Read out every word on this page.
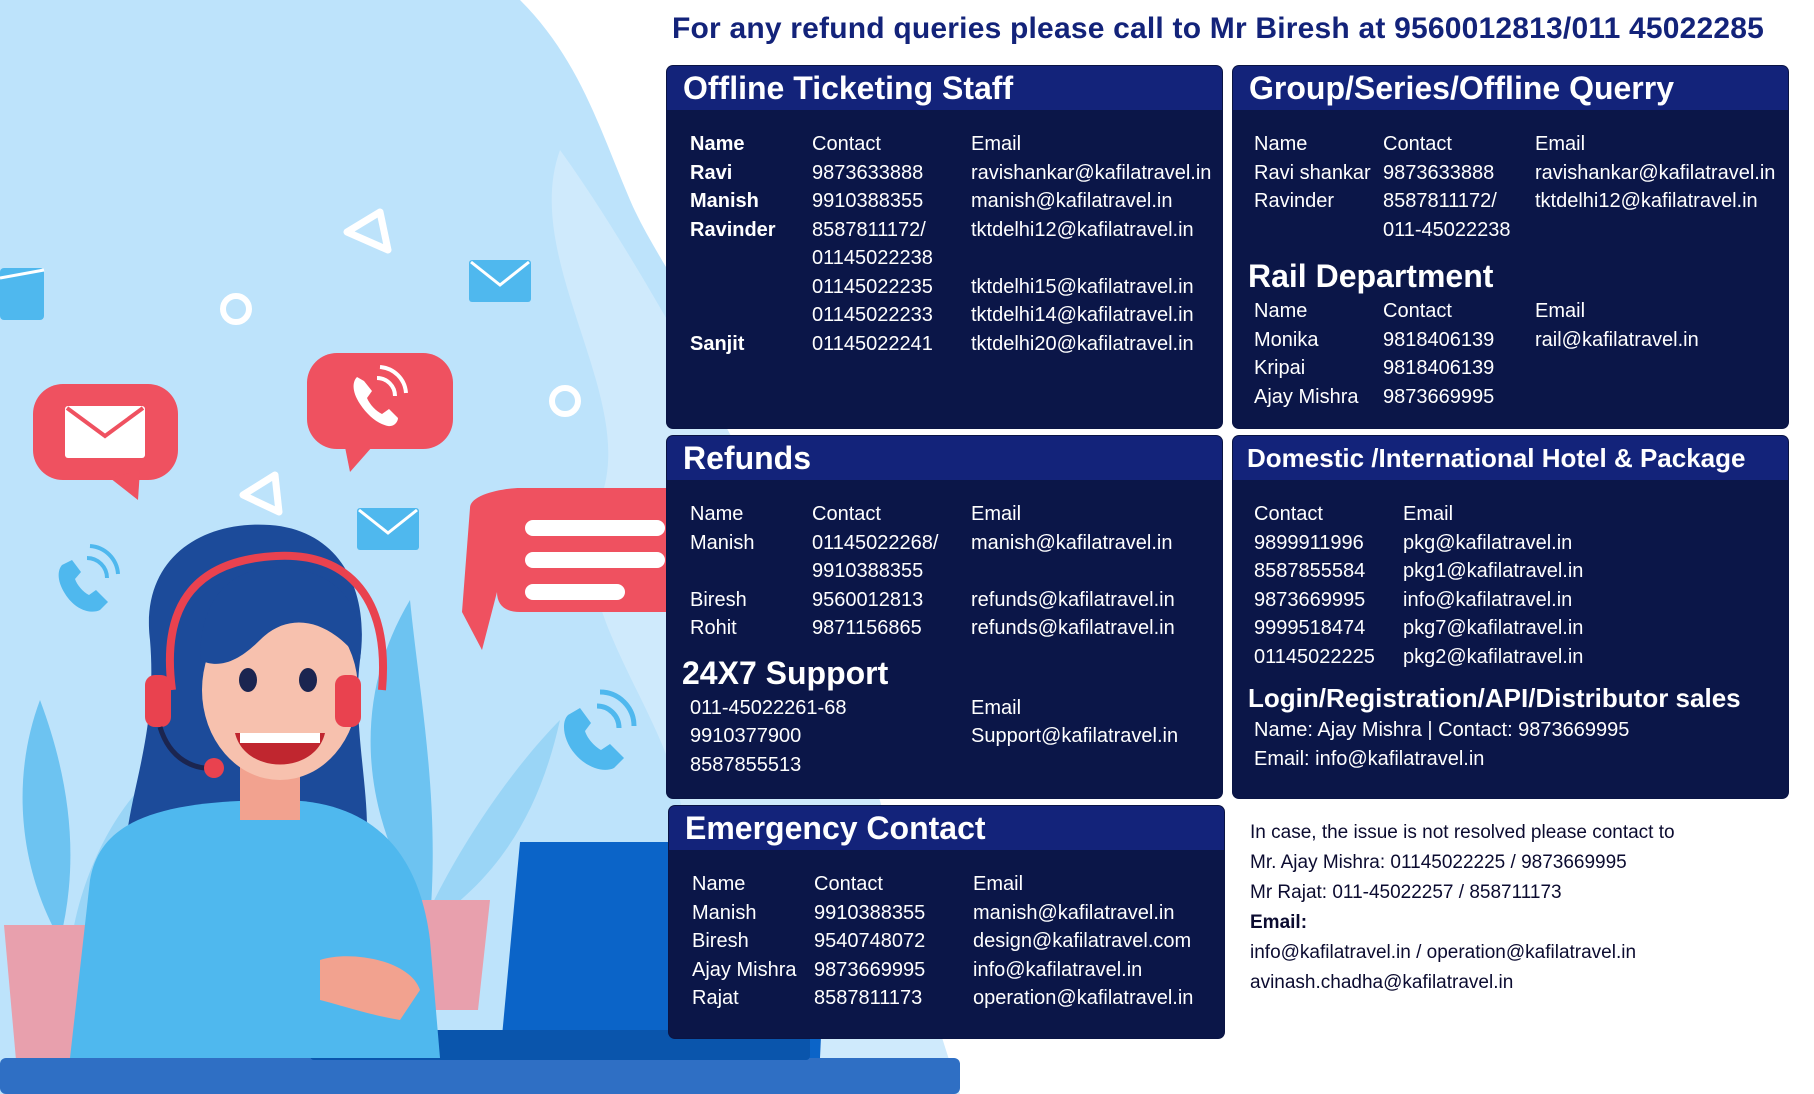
For any refund queries please call to Mr Biresh at 9560012813/011 45022285
Offline Ticketing Staff
Name	Contact	Email
Ravi	9873633888	ravishankar@kafilatravel.in
Manish	9910388355	manish@kafilatravel.in
Ravinder	8587811172/	tktdelhi12@kafilatravel.in
01145022238
01145022235	tktdelhi15@kafilatravel.in
01145022233	tktdelhi14@kafilatravel.in
Sanjit	01145022241	tktdelhi20@kafilatravel.in
Group/Series/Offline Querry
Name	Contact	Email
Ravi shankar 9873633888	ravishankar@kafilatravel.in
Ravinder	8587811172/	tktdelhi12@kafilatravel.in
011-45022238
Rail Department
Name	Contact	Email
Monika	9818406139	rail@kafilatravel.in
Kripai	9818406139
Ajay Mishra	9873669995
Refunds
Name	Contact	Email
Manish	01145022268/	manish@kafilatravel.in
9910388355
Biresh	9560012813	refunds@kafilatravel.in
Rohit	9871156865	refunds@kafilatravel.in
24X7 Support
011-45022261-68	Email
9910377900	Support@kafilatravel.in
8587855513
Domestic /International Hotel & Package
Contact	Email
9899911996	pkg@kafilatravel.in
8587855584	pkg1@kafilatravel.in
9873669995	info@kafilatravel.in
9999518474	pkg7@kafilatravel.in
01145022225	pkg2@kafilatravel.in
Login/Registration/API/Distributor sales
Name: Ajay Mishra | Contact: 9873669995
Email: info@kafilatravel.in
Emergency Contact
Name	Contact	Email
Manish	9910388355	manish@kafilatravel.in
Biresh	9540748072	design@kafilatravel.com
Ajay Mishra 9873669995	info@kafilatravel.in
Rajat	8587811173	operation@kafilatravel.in
In case, the issue is not resolved please contact to
Mr. Ajay Mishra: 01145022225 / 9873669995
Mr Rajat: 011-45022257 / 858711173
Email:
info@kafilatravel.in / operation@kafilatravel.in
avinash.chadha@kafilatravel.in
